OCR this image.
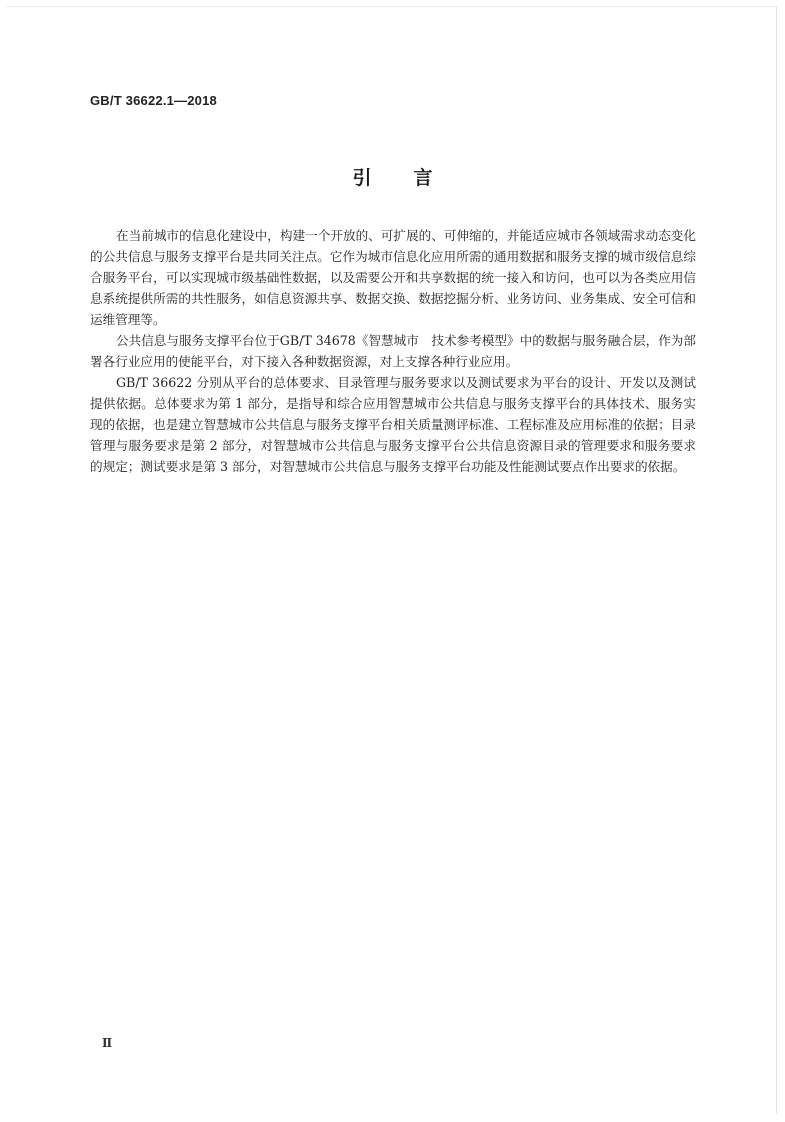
GB/T 36622.1—2018
引言

在当前城市的信息化建设中，构建一个开放的、可扩展的、可伸缩的，并能适应城市各领域需求动态变化的公共信息与服务支撑平台是共同关注点。它作为城市信息化应用所需的通用数据和服务支撑的城市级信息综合服务平台，可以实现城市级基础性数据，以及需要公开和共享数据的统一接入和访问，也可以为各类应用信息系统提供所需的共性服务，如信息资源共享、数据交换、数据挖掘分析、业务访问、业务集成、安全可信和运维管理等。

公共信息与服务支撑平台位于GB/T 34678《智慧城市　技术参考模型》中的数据与服务融合层，作为部署各行业应用的使能平台，对下接入各种数据资源，对上支撑各种行业应用。

GB/T 36622 分别从平台的总体要求、目录管理与服务要求以及测试要求为平台的设计、开发以及测试提供依据。总体要求为第 1 部分，是指导和综合应用智慧城市公共信息与服务支撑平台的具体技术、服务实现的依据，也是建立智慧城市公共信息与服务支撑平台相关质量测评标准、工程标准及应用标准的依据；目录管理与服务要求是第 2 部分，对智慧城市公共信息与服务支撑平台公共信息资源目录的管理要求和服务要求的规定；测试要求是第 3 部分，对智慧城市公共信息与服务支撑平台功能及性能测试要点作出要求的依据。

Ⅱ
